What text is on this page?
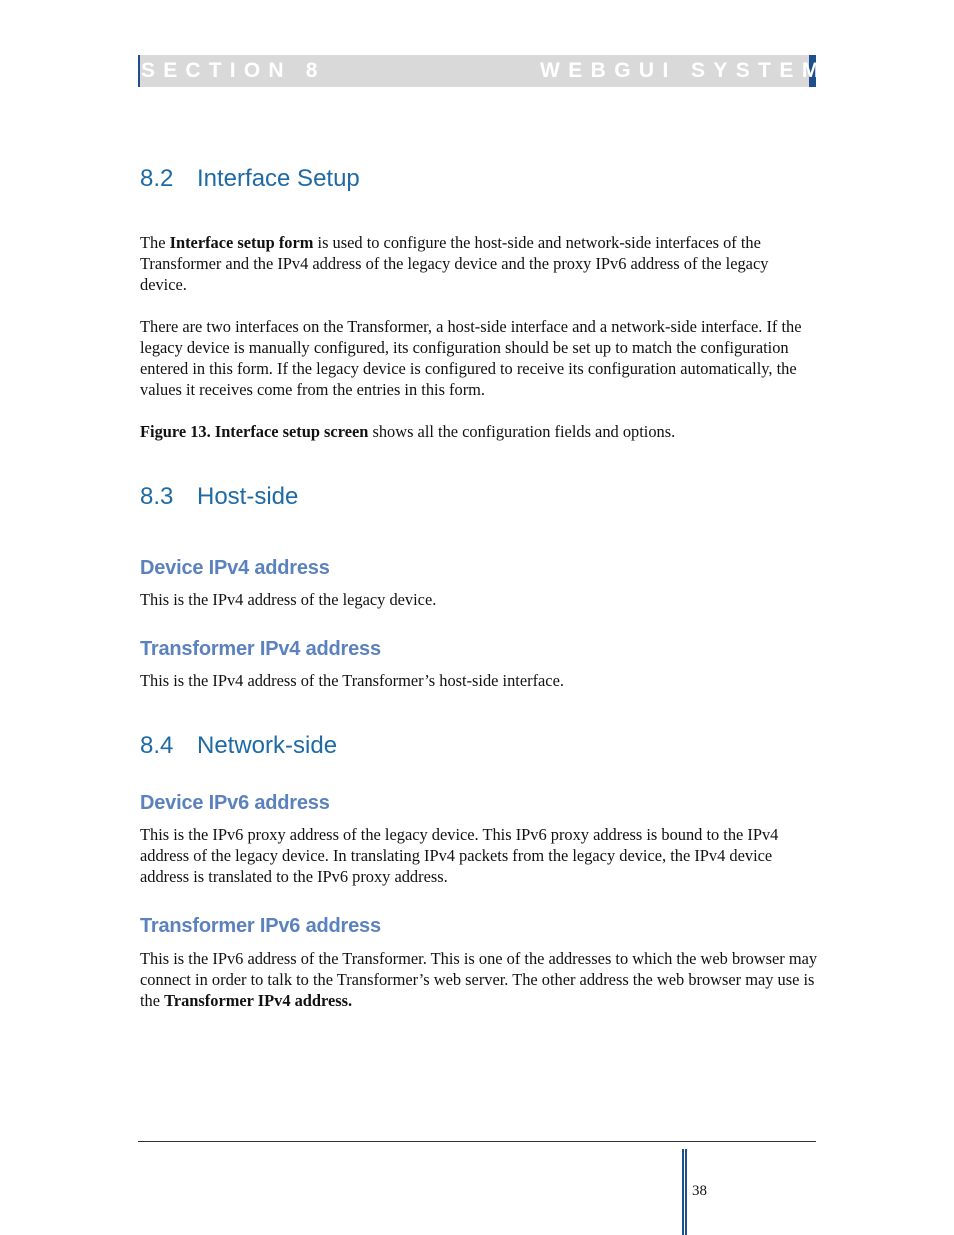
SECTION 8	WEBGUI SYSTEM
8.2 Interface Setup

The Interface setup form is used to configure the host-side and network-side interfaces of the Transformer and the IPv4 address of the legacy device and the proxy IPv6 address of the legacy device.

There are two interfaces on the Transformer, a host-side interface and a network-side interface. If the legacy device is manually configured, its configuration should be set up to match the configuration entered in this form. If the legacy device is configured to receive its configuration automatically, the values it receives come from the entries in this form.

Figure 13. Interface setup screen shows all the configuration fields and options.

8.3 Host-side
Device IPv4 address

This is the IPv4 address of the legacy device.

Transformer IPv4 address

This is the IPv4 address of the Transformer’s host-side interface.

8.4 Network-side
Device IPv6 address

This is the IPv6 proxy address of the legacy device. This IPv6 proxy address is bound to the IPv4 address of the legacy device. In translating IPv4 packets from the legacy device, the IPv4 device address is translated to the IPv6 proxy address.

Transformer IPv6 address

This is the IPv6 address of the Transformer. This is one of the addresses to which the web browser may connect in order to talk to the Transformer’s web server. The other address the web browser may use is the Transformer IPv4 address.

38
